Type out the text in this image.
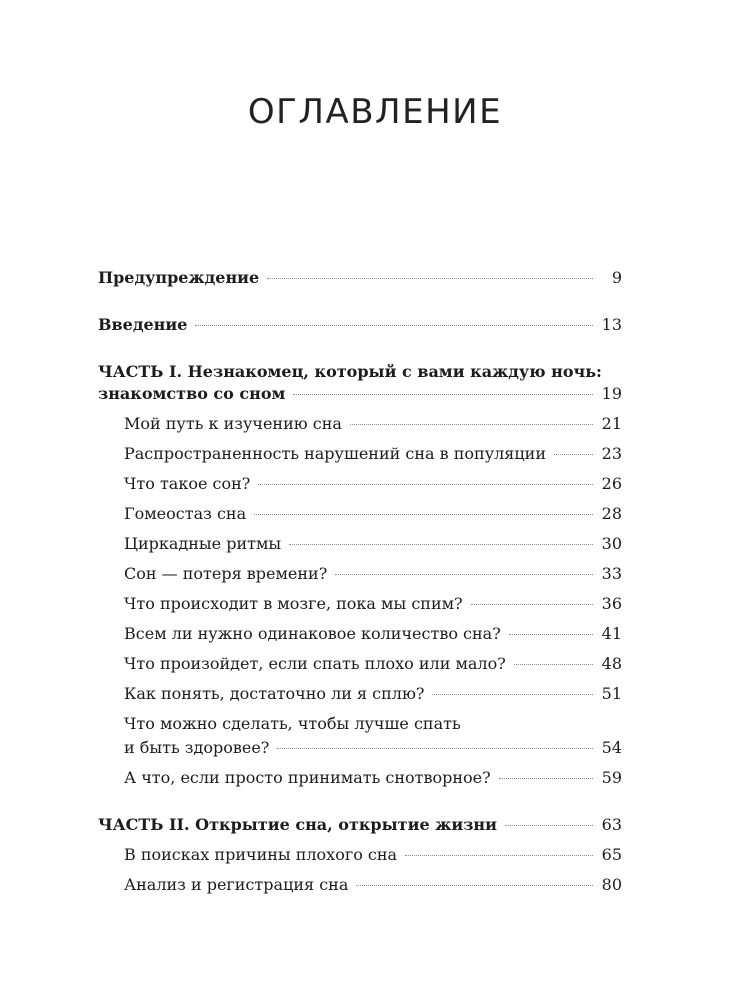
ОГЛАВЛЕНИЕ
Предупреждение	9
Введение	13
ЧАСТЬ I. Незнакомец, который с вами каждую ночь:
знакомство со сном	19
Мой путь к изучению сна	21
Распространенность нарушений сна в популяции	23
Что такое сон?	26
Гомеостаз сна	28
Циркадные ритмы	30
Сон — потеря времени?	33
Что происходит в мозге, пока мы спим?	36
Всем ли нужно одинаковое количество сна?	41
Что произойдет, если спать плохо или мало?	48
Как понять, достаточно ли я сплю?	51
Что можно сделать, чтобы лучше спать
и быть здоровее?	54
А что, если просто принимать снотворное?	59
ЧАСТЬ II. Открытие сна, открытие жизни	63
В поисках причины плохого сна	65
Анализ и регистрация сна	80
